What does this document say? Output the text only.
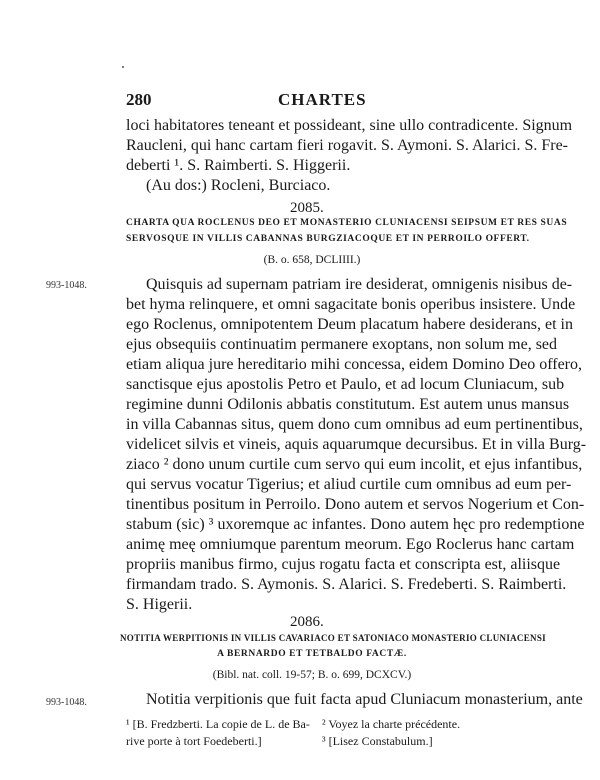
280	CHARTES
loci habitatores teneant et possideant, sine ullo contradicente. Signum
Raucleni, qui hanc cartam fieri rogavit. S. Aymoni. S. Alarici. S. Fre-
deberti ¹. S. Raimberti. S. Higgerii.
(Au dos:) Rocleni, Burciaco.
2085.
CHARTA QUA ROCLENUS DEO ET MONASTERIO CLUNIACENSI SEIPSUM ET RES SUAS
SERVOSQUE IN VILLIS CABANNAS BURGZIACOQUE ET IN PERROILO OFFERT.
(B. o. 658, DCLIIII.)
993-1048.	Quisquis ad supernam patriam ire desiderat, omnigenis nisibus de-
bet hyma relinquere, et omni sagacitate bonis operibus insistere. Unde
ego Roclenus, omnipotentem Deum placatum habere desiderans, et in
ejus obsequiis continuatim permanere exoptans, non solum me, sed
etiam aliqua jure hereditario mihi concessa, eidem Domino Deo offero,
sanctisque ejus apostolis Petro et Paulo, et ad locum Cluniacum, sub
regimine dunni Odilonis abbatis constitutum. Est autem unus mansus
in villa Cabannas situs, quem dono cum omnibus ad eum pertinentibus,
videlicet silvis et vineis, aquis aquarumque decursibus. Et in villa Burg-
ziaco ² dono unum curtile cum servo qui eum incolit, et ejus infantibus,
qui servus vocatur Tigerius; et aliud curtile cum omnibus ad eum per-
tinentibus positum in Perroilo. Dono autem et servos Nogerium et Con-
stabum (sic) ³ uxoremque ac infantes. Dono autem hęc pro redemptione
animę meę omniumque parentum meorum. Ego Roclerus hanc cartam
propriis manibus firmo, cujus rogatu facta et conscripta est, aliisque
firmandam trado. S. Aymonis. S. Alarici. S. Fredeberti. S. Raimberti.
S. Higerii.
2086.
NOTITIA WERPITIONIS IN VILLIS CAVARIACO ET SATONIACO MONASTERIO CLUNIACENSI
A BERNARDO ET TETBALDO FACTÆ.
(Bibl. nat. coll. 19-57; B. o. 699, DCXCV.)
993-1048.	Notitia verpitionis que fuit facta apud Cluniacum monasterium, ante
¹ [B. Fredzberti. La copie de L. de Ba-
rive porte à tort Foedeberti.]
² Voyez la charte précédente.
³ [Lisez Constabulum.]
